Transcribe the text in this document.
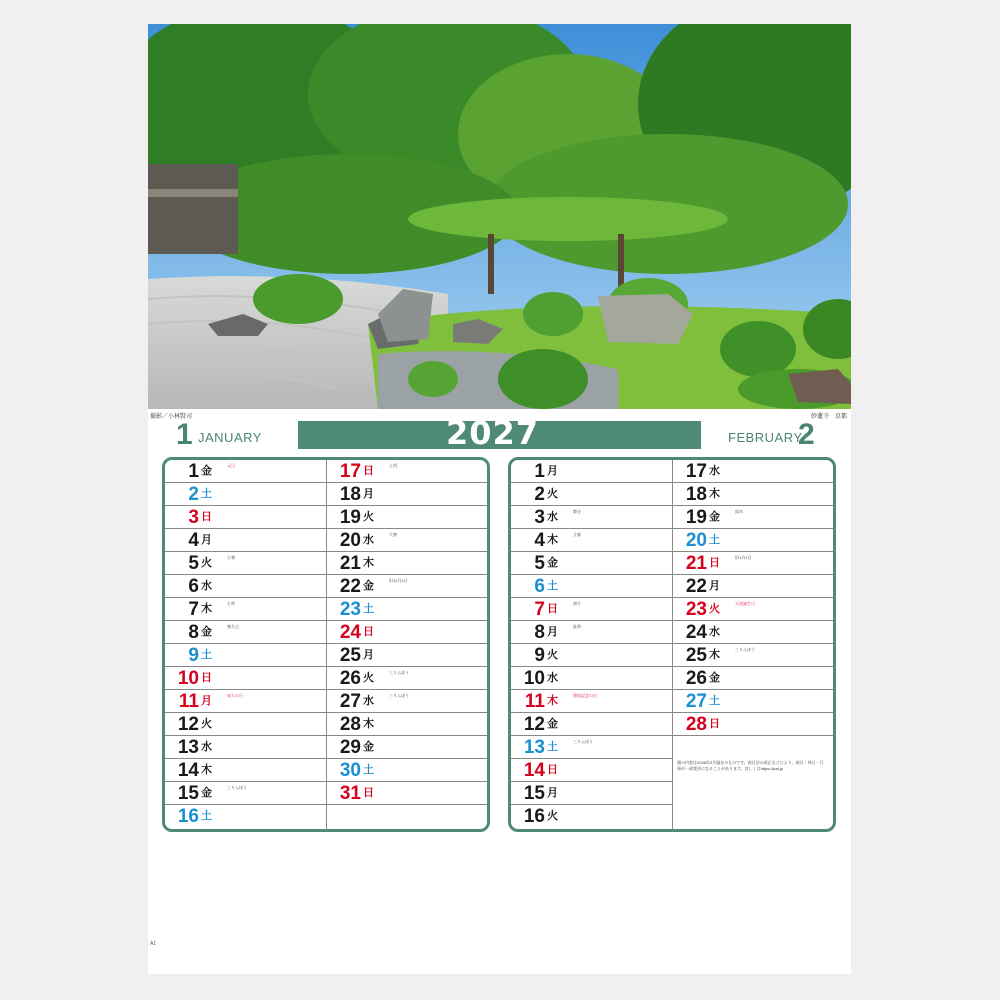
撮影／小林賢司	妙蓮寺　京都
1 JANUARY	2027	FEBRUARY
2
1 金	元日
2 土
3 日
4 月
5 火	小寒
6 水
7 木	七草
8 金	寒九日
9 土
10 日
11 月	成人の日
12 火
13 水
14 木
15 金	三りんぼう
16 土
17 日	土用
18 月
19 火
20 水	大寒
21 木
22 金	旧12月1日
23 土
24 日
25 月
26 火	三りんぼう
27 水	三りんぼう
28 木
29 金
30 土
31 日
1 月
2 火
3 水	節分
4 木	立春
5 金
6 土
7 日	初午
8 月	針供
9 火
10 水
11 木	建国記念の日
12 金
13 土	三りんぼう
14 日
15 月
16 火
17 水
18 木
19 金	雨水
20 土
21 日	旧1月1日
22 月
23 火	天皇誕生日
24 水
25 木	三りんぼう
26 金
27 土
28 日
暦の内容は2026年2月現在のものです。祝日法の改正などにより、祝日・休日・行事が一部変更になることがあります。詳しくはhttps://jcal.jp
A1
